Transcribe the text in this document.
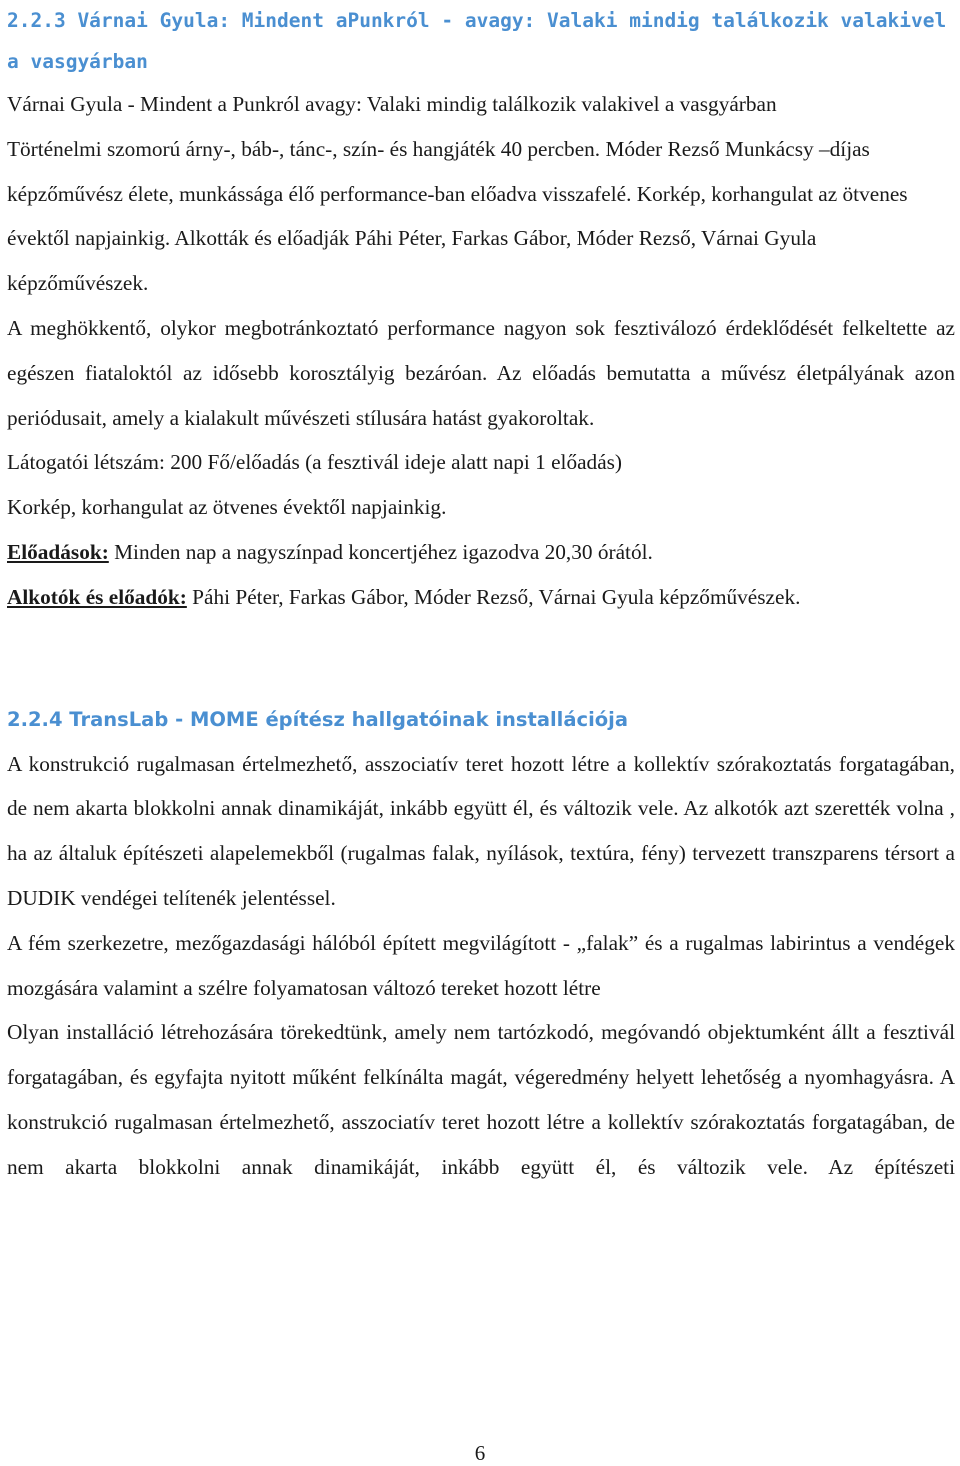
2.2.3 Várnai Gyula: Mindent aPunkról - avagy: Valaki mindig találkozik valakivel a vasgyárban

Várnai Gyula - Mindent a Punkról avagy: Valaki mindig találkozik valakivel a vasgyárban

Történelmi szomorú árny-, báb-, tánc-, szín- és hangjáték 40 percben. Móder Rezső Munkácsy –díjas képzőművész élete, munkássága élő performance-ban előadva visszafelé. Korkép, korhangulat az ötvenes évektől napjainkig. Alkották és előadják Páhi Péter, Farkas Gábor, Móder Rezső, Várnai Gyula képzőművészek.

A meghökkentő, olykor megbotránkoztató performance nagyon sok fesztiválozó érdeklődését felkeltette az egészen fiataloktól az idősebb korosztályig bezáróan. Az előadás bemutatta a művész életpályának azon periódusait, amely a kialakult művészeti stílusára hatást gyakoroltak.

Látogatói létszám: 200 Fő/előadás (a fesztivál ideje alatt napi 1 előadás)

Korkép, korhangulat az ötvenes évektől napjainkig.

Előadások: Minden nap a nagyszínpad koncertjéhez igazodva 20,30 órától.

Alkotók és előadók: Páhi Péter, Farkas Gábor, Móder Rezső, Várnai Gyula képzőművészek.

2.2.4 TransLab - MOME építész hallgatóinak installációja

A konstrukció rugalmasan értelmezhető, asszociatív teret hozott létre a kollektív szórakoztatás forgatagában, de nem akarta blokkolni annak dinamikáját, inkább együtt él, és változik vele. Az alkotók azt szerették volna , ha az általuk építészeti alapelemekből (rugalmas falak, nyílások, textúra, fény) tervezett transzparens térsort a DUDIK vendégei telítenék jelentéssel.

A fém szerkezetre, mezőgazdasági hálóból épített megvilágított - „falak” és a rugalmas labirintus a vendégek mozgására valamint a szélre folyamatosan változó tereket hozott létre

Olyan installáció létrehozására törekedtünk, amely nem tartózkodó, megóvandó objektumként állt a fesztivál forgatagában, és egyfajta nyitott műként felkínálta magát, végeredmény helyett lehetőség a nyomhagyásra. A konstrukció rugalmasan értelmezhető, asszociatív teret hozott létre a kollektív szórakoztatás forgatagában, de nem akarta blokkolni annak dinamikáját, inkább együtt él, és változik vele. Az építészeti

6
